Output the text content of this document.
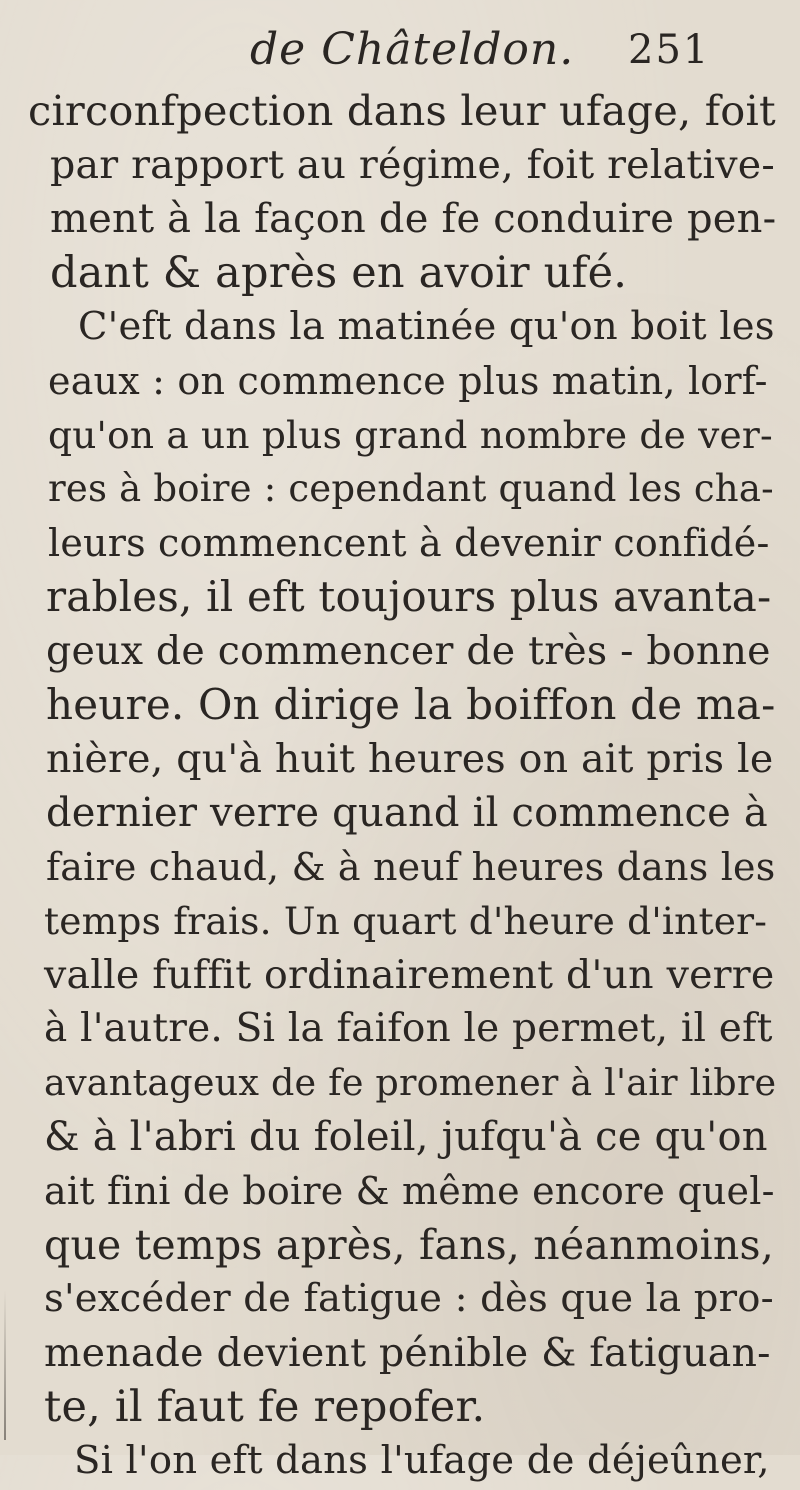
de Châteldon. 251
circonfpection dans leur ufage, foit
par rapport au régime, foit relative-
ment à la façon de fe conduire pen-
dant & après en avoir ufé.
C'eft dans la matinée qu'on boit les
eaux : on commence plus matin, lorf-
qu'on a un plus grand nombre de ver-
res à boire : cependant quand les cha-
leurs commencent à devenir confidé-
rables, il eft toujours plus avanta-
geux de commencer de très - bonne
heure. On dirige la boiffon de ma-
nière, qu'à huit heures on ait pris le
dernier verre quand il commence à
faire chaud, & à neuf heures dans les
temps frais. Un quart d'heure d'inter-
valle fuffit ordinairement d'un verre
à l'autre. Si la faifon le permet, il eft
avantageux de fe promener à l'air libre
& à l'abri du foleil, jufqu'à ce qu'on
ait fini de boire & même encore quel-
que temps après, fans, néanmoins,
s'excéder de fatigue : dès que la pro-
menade devient pénible & fatiguan-
te, il faut fe repofer.
Si l'on eft dans l'ufage de déjeûner,
